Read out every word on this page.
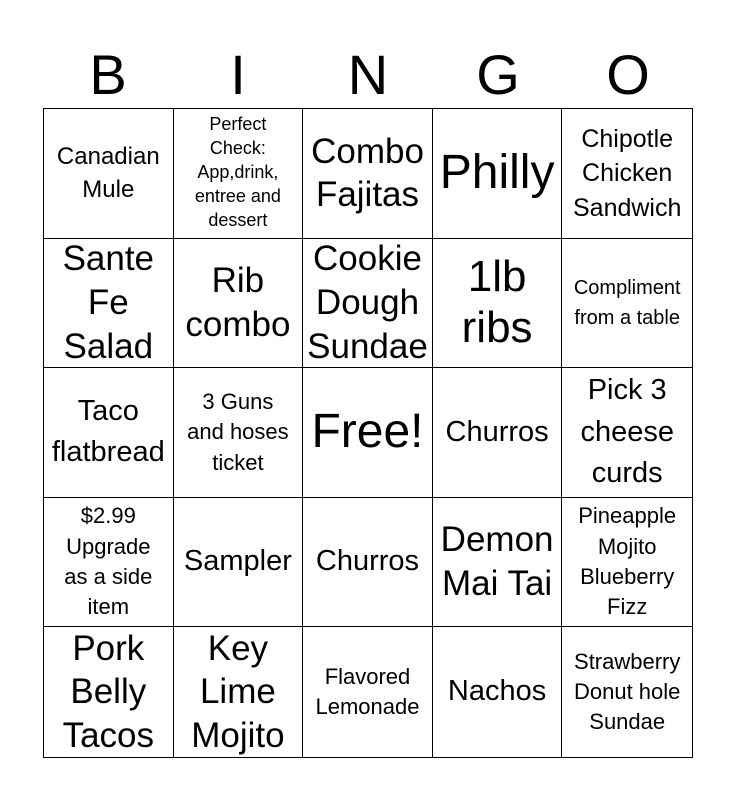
B	I	N	G	O
Canadian
Mule
Perfect
Check:
App,drink,
entree and
dessert
Combo
Fajitas Philly
Chipotle
Chicken
Sandwich
Sante
Fe
Salad
Rib
combo
Cookie
Dough
Sundae
1lb
ribs
Compliment
from a table
Taco
flatbread
3 Guns
and hoses
ticket
Free! Churros
Pick 3
cheese
curds
$2.99
Upgrade
as a side
item
Sampler Churros
Demon
Mai Tai
Pineapple
Mojito
Blueberry
Fizz
Pork
Belly
Tacos
Key
Lime
Mojito
Flavored
Lemonade Nachos
Strawberry
Donut hole
Sundae
